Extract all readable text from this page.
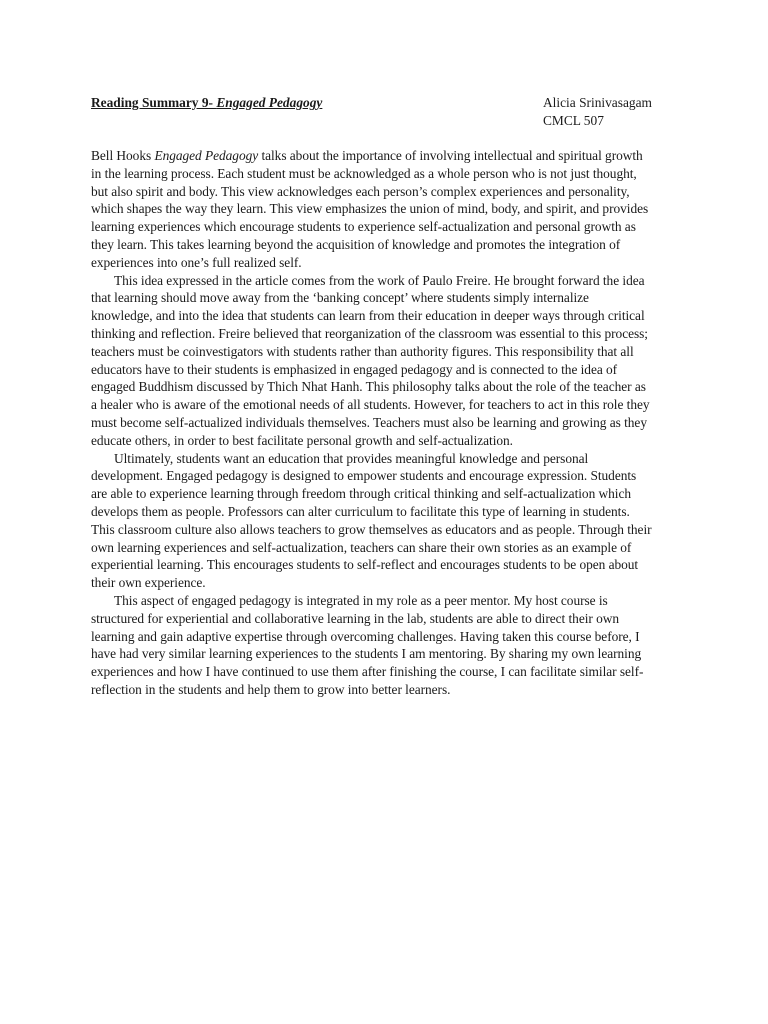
Reading Summary 9- Engaged Pedagogy	Alicia Srinivasagam
CMCL 507

Bell Hooks Engaged Pedagogy talks about the importance of involving intellectual and spiritual growth in the learning process. Each student must be acknowledged as a whole person who is not just thought, but also spirit and body. This view acknowledges each person’s complex experiences and personality, which shapes the way they learn. This view emphasizes the union of mind, body, and spirit, and provides learning experiences which encourage students to experience self-actualization and personal growth as they learn. This takes learning beyond the acquisition of knowledge and promotes the integration of experiences into one’s full realized self.

This idea expressed in the article comes from the work of Paulo Freire. He brought forward the idea that learning should move away from the ‘banking concept’ where students simply internalize knowledge, and into the idea that students can learn from their education in deeper ways through critical thinking and reflection. Freire believed that reorganization of the classroom was essential to this process; teachers must be coinvestigators with students rather than authority figures. This responsibility that all educators have to their students is emphasized in engaged pedagogy and is connected to the idea of engaged Buddhism discussed by Thich Nhat Hanh. This philosophy talks about the role of the teacher as a healer who is aware of the emotional needs of all students. However, for teachers to act in this role they must become self-actualized individuals themselves. Teachers must also be learning and growing as they educate others, in order to best facilitate personal growth and self-actualization.

Ultimately, students want an education that provides meaningful knowledge and personal development. Engaged pedagogy is designed to empower students and encourage expression. Students are able to experience learning through freedom through critical thinking and self-actualization which develops them as people. Professors can alter curriculum to facilitate this type of learning in students. This classroom culture also allows teachers to grow themselves as educators and as people. Through their own learning experiences and self-actualization, teachers can share their own stories as an example of experiential learning. This encourages students to self-reflect and encourages students to be open about their own experience.

This aspect of engaged pedagogy is integrated in my role as a peer mentor. My host course is structured for experiential and collaborative learning in the lab, students are able to direct their own learning and gain adaptive expertise through overcoming challenges. Having taken this course before, I have had very similar learning experiences to the students I am mentoring. By sharing my own learning experiences and how I have continued to use them after finishing the course, I can facilitate similar self-reflection in the students and help them to grow into better learners.
